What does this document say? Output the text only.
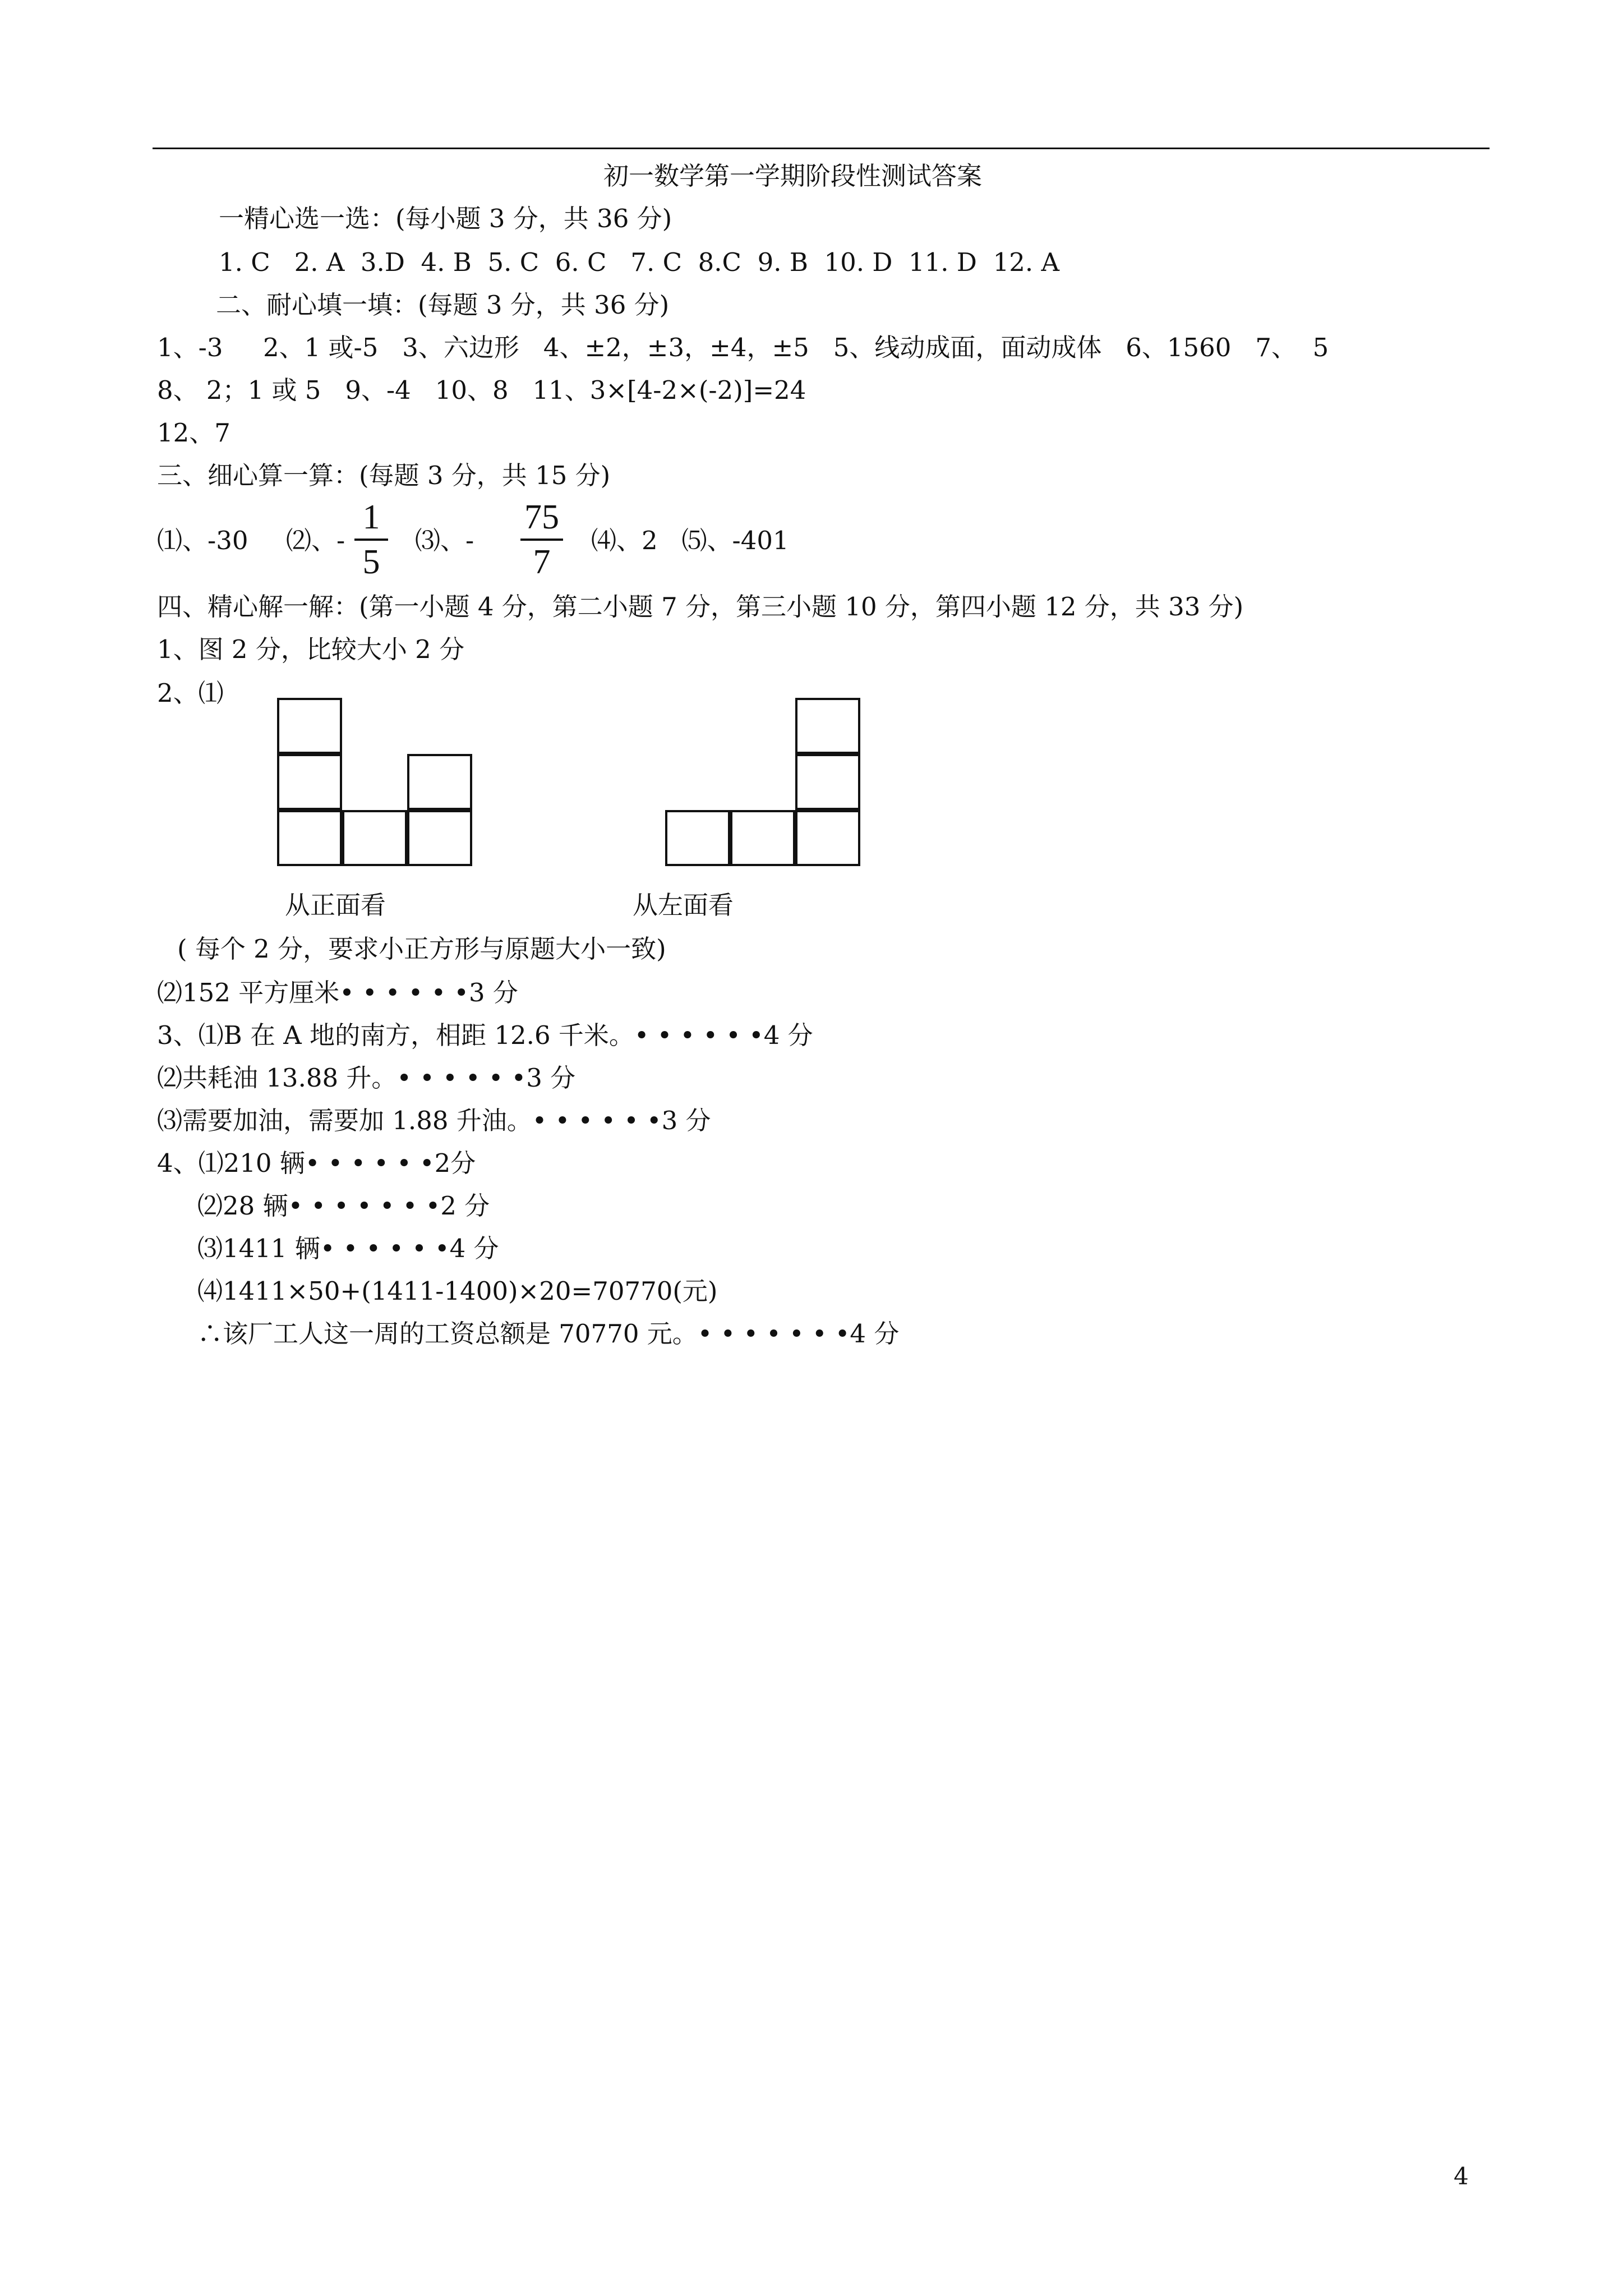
初一数学第一学期阶段性测试答案
一精心选一选：(每小题 3 分，共 36 分)
1. C   2. A  3.D  4. B  5. C  6. C   7. C  8.C  9. B  10. D  11. D  12. A
二、耐心填一填：(每题 3 分，共 36 分)
1、-3     2、1 或-5   3、六边形   4、±2，±3，±4，±5   5、线动成面，面动成体   6、1560   7、  5
8、 2；1 或 5   9、-4   10、8   11、3×[4-2×(-2)]=24
12、7
三、细心算一算：(每题 3 分，共 15 分)
⑴、-30 ⑵、-
1
5
⑶、-
75
7
⑷、2   ⑸、-401
四、精心解一解：(第一小题 4 分，第二小题 7 分，第三小题 10 分，第四小题 12 分，共 33 分)
1、图 2 分，比较大小 2 分
2、⑴
从正面看	从左面看
( 每个 2 分，要求小正方形与原题大小一致)
⑵152 平方厘米• • • • • •3 分
3、⑴B 在 A 地的南方，相距 12.6 千米。• • • • • •4 分
⑵共耗油 13.88 升。• • • • • •3 分
⑶需要加油，需要加 1.88 升油。• • • • • •3 分
4、⑴210 辆• • • • • •2分
⑵28 辆• • • • • • •2 分
⑶1411 辆• • • • • •4 分
⑷1411×50+(1411-1400)×20=70770(元)
∴该厂工人这一周的工资总额是 70770 元。• • • • • • •4 分
4
